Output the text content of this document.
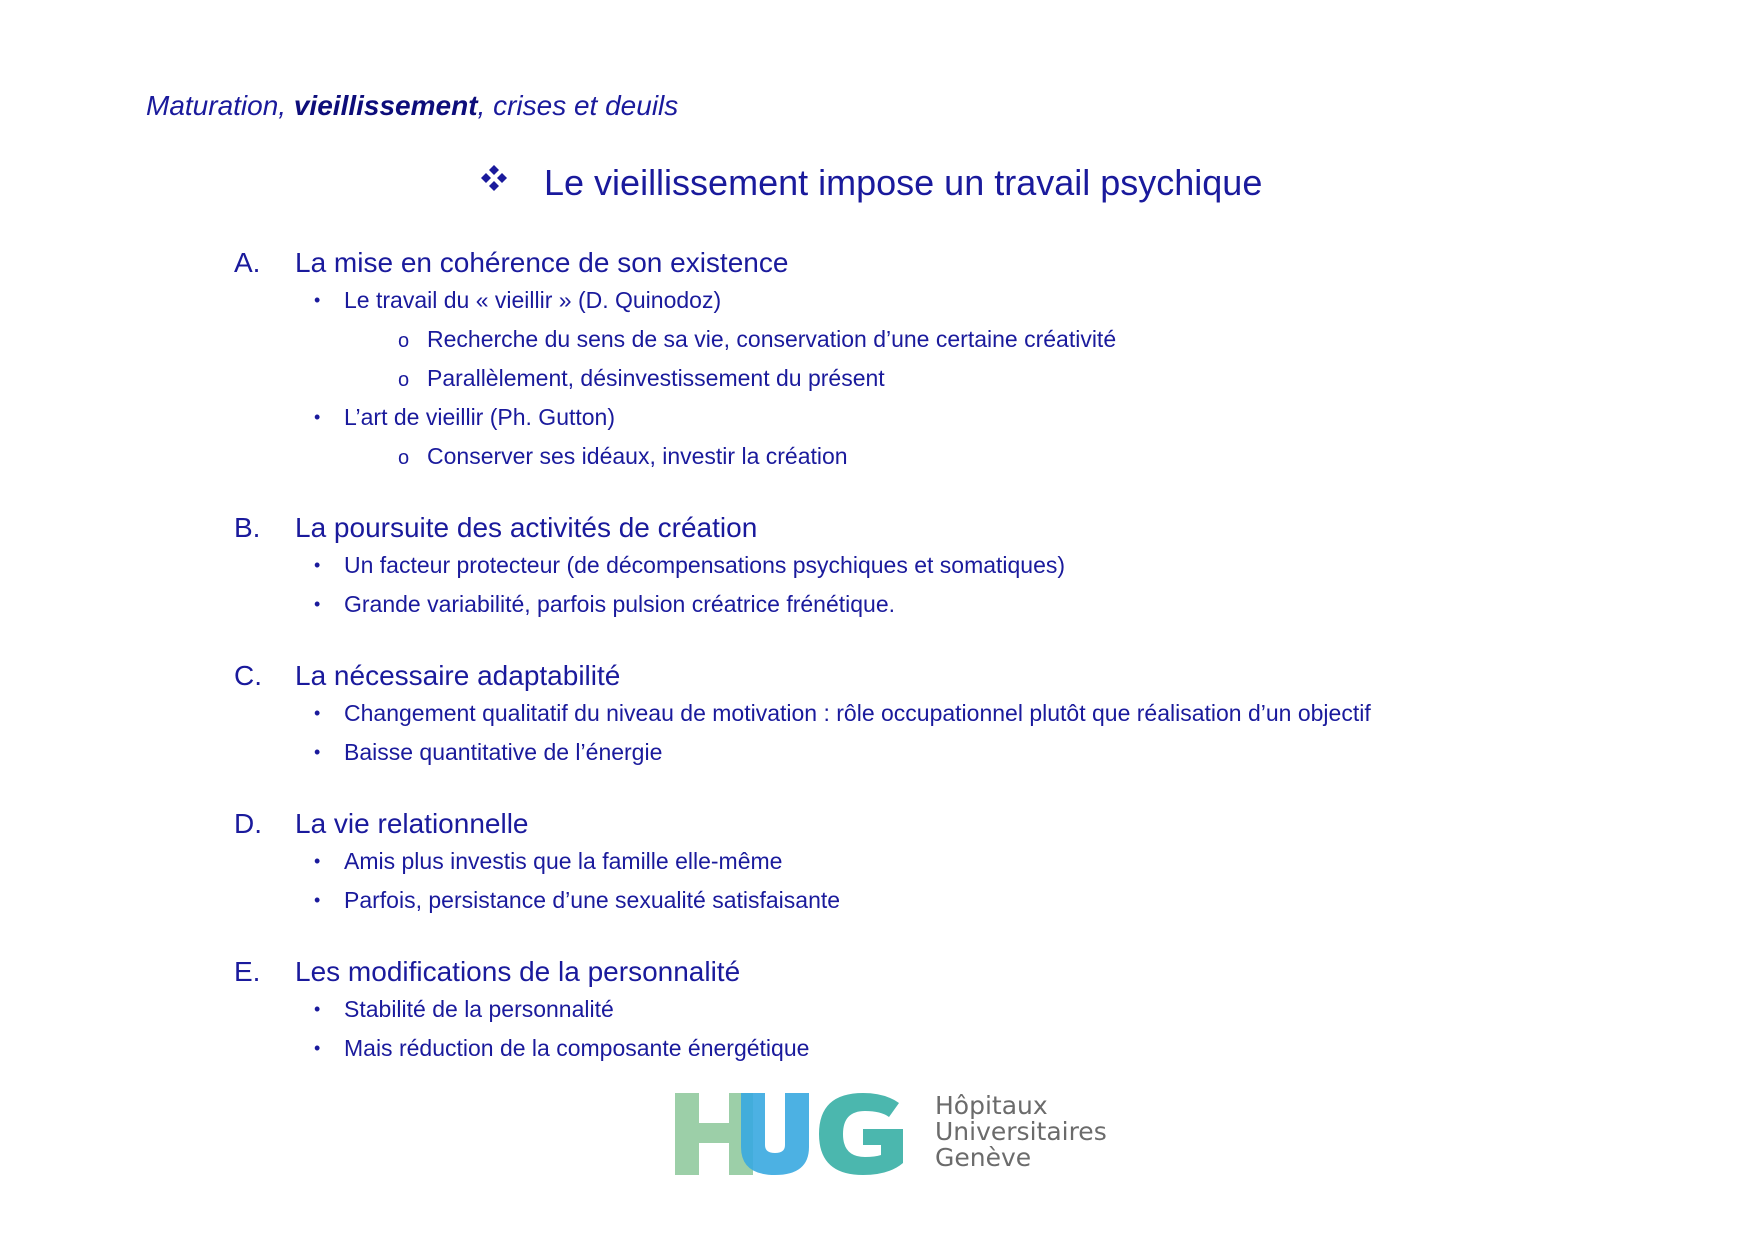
Maturation, vieillissement, crises et deuils
Le vieillissement impose un travail psychique
A.	La mise en cohérence de son existence
•	Le travail du « vieillir » (D. Quinodoz)
o Recherche du sens de sa vie, conservation d’une certaine créativité
o Parallèlement, désinvestissement du présent
•	L’art de vieillir (Ph. Gutton)
o Conserver ses idéaux, investir la création
B.	La poursuite des activités de création
•	Un facteur protecteur (de décompensations psychiques et somatiques)
•	Grande variabilité, parfois pulsion créatrice frénétique.
C.	La nécessaire adaptabilité
•	Changement qualitatif du niveau de motivation : rôle occupationnel plutôt que réalisation d’un objectif
•	Baisse quantitative de l’énergie
D.	La vie relationnelle
•	Amis plus investis que la famille elle-même
•	Parfois, persistance d’une sexualité satisfaisante
E.	Les modifications de la personnalité
•	Stabilité de la personnalité
•	Mais réduction de la composante énergétique
Hôpitaux
Universitaires
Genève
